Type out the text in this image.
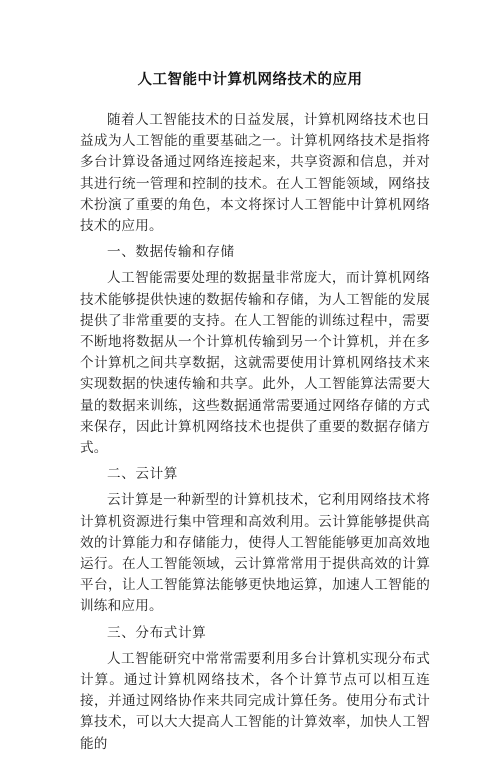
人工智能中计算机网络技术的应用

随着人工智能技术的日益发展，计算机网络技术也日益成为人工智能的重要基础之一。计算机网络技术是指将多台计算设备通过网络连接起来，共享资源和信息，并对其进行统一管理和控制的技术。在人工智能领域，网络技术扮演了重要的角色，本文将探讨人工智能中计算机网络技术的应用。

一、数据传输和存储

人工智能需要处理的数据量非常庞大，而计算机网络技术能够提供快速的数据传输和存储，为人工智能的发展提供了非常重要的支持。在人工智能的训练过程中，需要不断地将数据从一个计算机传输到另一个计算机，并在多个计算机之间共享数据，这就需要使用计算机网络技术来实现数据的快速传输和共享。此外，人工智能算法需要大量的数据来训练，这些数据通常需要通过网络存储的方式来保存，因此计算机网络技术也提供了重要的数据存储方式。

二、云计算

云计算是一种新型的计算机技术，它利用网络技术将计算机资源进行集中管理和高效利用。云计算能够提供高效的计算能力和存储能力，使得人工智能能够更加高效地运行。在人工智能领域，云计算常常用于提供高效的计算平台，让人工智能算法能够更快地运算，加速人工智能的训练和应用。

三、分布式计算

人工智能研究中常常需要利用多台计算机实现分布式计算。通过计算机网络技术，各个计算节点可以相互连接，并通过网络协作来共同完成计算任务。使用分布式计算技术，可以大大提高人工智能的计算效率，加快人工智能的
